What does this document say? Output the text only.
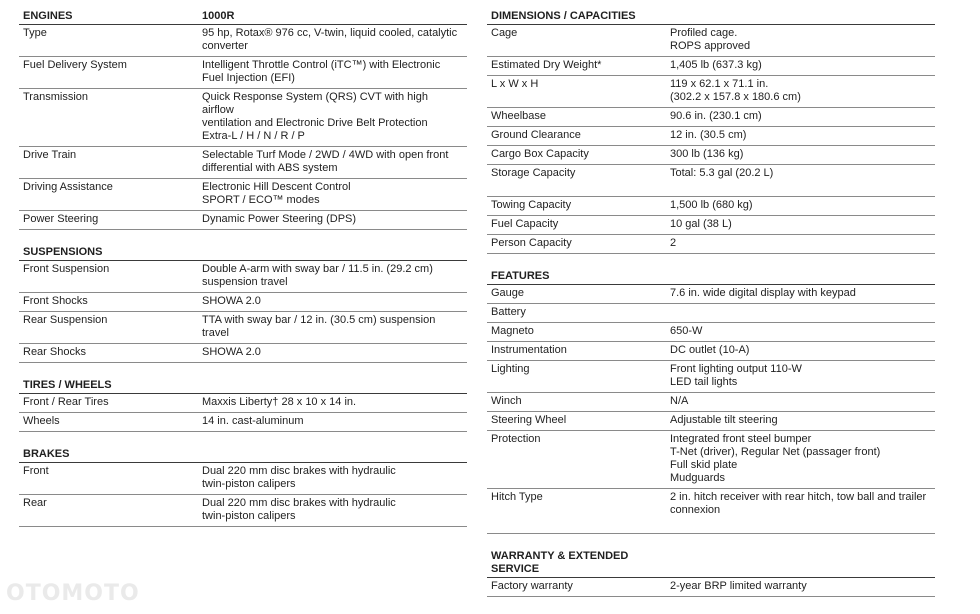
ENGINES	1000R
Type	95 hp, Rotax® 976 cc, V-twin, liquid cooled, catalytic
converter
Fuel Delivery System	Intelligent Throttle Control (iTC™) with Electronic
Fuel Injection (EFI)
Transmission	Quick Response System (QRS) CVT with high airflow
ventilation and Electronic Drive Belt Protection
Extra-L / H / N / R / P
Drive Train	Selectable Turf Mode / 2WD / 4WD with open front
differential with ABS system
Driving Assistance	Electronic Hill Descent Control
SPORT / ECO™ modes
Power Steering	Dynamic Power Steering (DPS)
SUSPENSIONS
Front Suspension	Double A-arm with sway bar / 11.5 in. (29.2 cm)
suspension travel
Front Shocks	SHOWA 2.0
Rear Suspension	TTA with sway bar / 12 in. (30.5 cm) suspension
travel
Rear Shocks	SHOWA 2.0
TIRES / WHEELS
Front / Rear Tires	Maxxis Liberty† 28 x 10 x 14 in.
Wheels	14 in. cast-aluminum
BRAKES
Front	Dual 220 mm disc brakes with hydraulic
twin-piston calipers
Rear	Dual 220 mm disc brakes with hydraulic
twin-piston calipers
DIMENSIONS / CAPACITIES
Cage	Profiled cage.
ROPS approved
Estimated Dry Weight*	1,405 lb (637.3 kg)
L x W x H	119 x 62.1 x 71.1 in.
(302.2 x 157.8 x 180.6 cm)
Wheelbase	90.6 in. (230.1 cm)
Ground Clearance	12 in. (30.5 cm)
Cargo Box Capacity	300 lb (136 kg)
Storage Capacity	Total: 5.3 gal (20.2 L)
Towing Capacity	1,500 lb (680 kg)
Fuel Capacity	10 gal (38 L)
Person Capacity	2
FEATURES
Gauge	7.6 in. wide digital display with keypad
Battery
Magneto	650-W
Instrumentation	DC outlet (10-A)
Lighting	Front lighting output 110-W
LED tail lights
Winch	N/A
Steering Wheel	Adjustable tilt steering
Protection	Integrated front steel bumper
T-Net (driver), Regular Net (passager front)
Full skid plate
Mudguards
Hitch Type	2 in. hitch receiver with rear hitch, tow ball and trailer
connexion
WARRANTY & EXTENDED SERVICE
Factory warranty	2-year BRP limited warranty
OTOMOTO
